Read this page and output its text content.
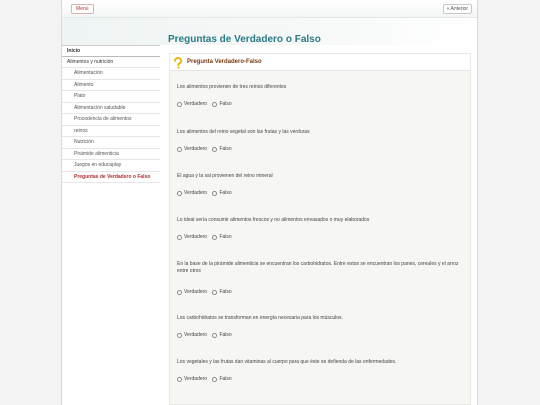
Menú	« Anterior
Preguntas de Verdadero o Falso
Inicio
Alimentos y nutrición
Alimentación
Alimento
Plato
Alimentación saludable
Procedencia de alimentos
reinos
Nutrición
Pirámide alimenticia
Juegos en educaplay
Preguntas de Verdadero o Falso
Pregunta Verdadero-Falso
Los alimentos provienen de tres reinos diferentes
Verdadero Falso
Los alimentos del reino vegetal son las frutas y las verduras
Verdadero Falso
El agua y la sal provienen del reino mineral
Verdadero Falso
Lo ideal sería consumir alimentos frescos y no alimentos envasados o muy elaborados
Verdadero Falso
En la base de la pirámide alimenticia se encuentran los carbohidratos. Entre estos se encuentran los panes, cereales y el arroz entre otros
Verdadero Falso
Los carbohidratos se transforman en energía necesaria para los músculos.
Verdadero Falso
Los vegetales y las frutas dan vitaminas al cuerpo para que éste se defienda de las enfermedades.
Verdadero Falso
